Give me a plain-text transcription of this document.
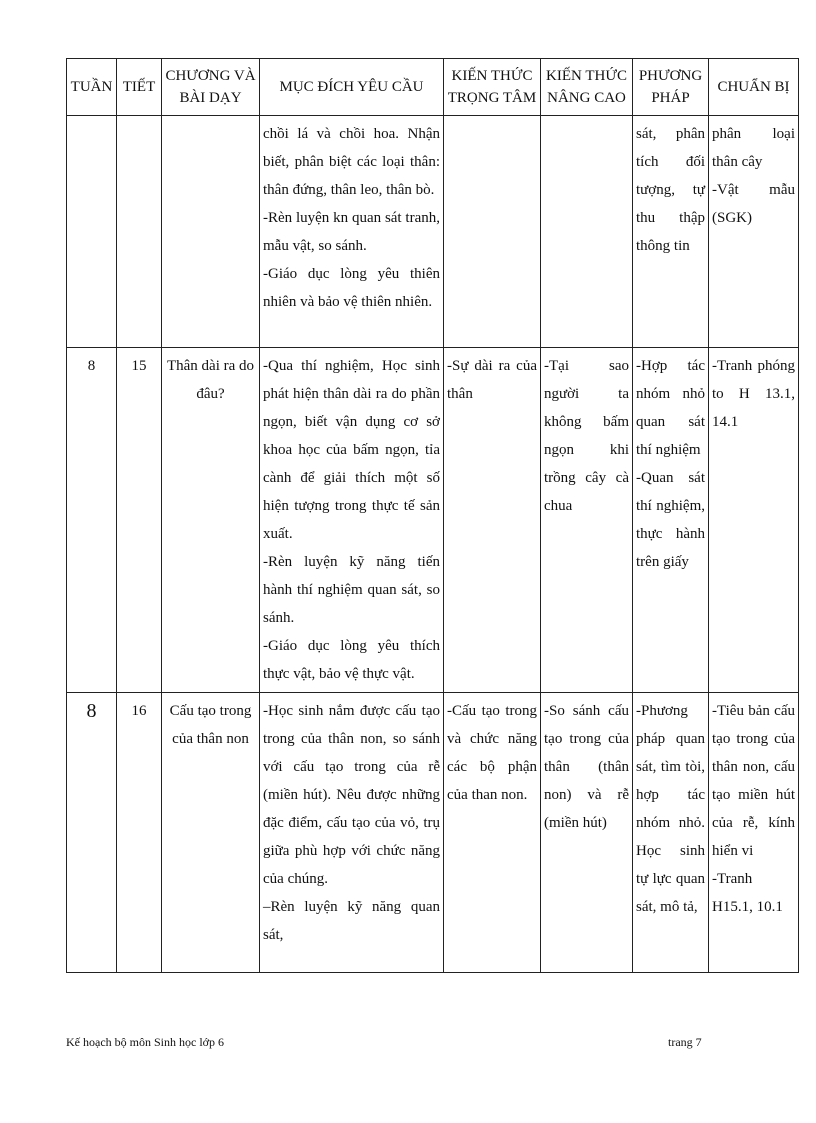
TUẦN	TIẾT	CHƯƠNG VÀ BÀI DẠY	MỤC ĐÍCH YÊU CẦU	KIẾN THỨC TRỌNG TÂM	KIẾN THỨC NÂNG CAO	PHƯƠNG PHÁP	CHUẨN BỊ

			chồi lá và chồi hoa. Nhận biết, phân biệt các loại thân: thân đứng, thân leo, thân bò.
-Rèn luyện kn quan sát tranh, mẫu vật, so sánh.
-Giáo dục lòng yêu thiên nhiên và bảo vệ thiên nhiên.			sát, phân tích đối tượng, tự thu thập thông tin	phân loại thân cây
-Vật mẫu (SGK)

8	15	Thân dài ra do đâu?	-Qua thí nghiệm, Học sinh phát hiện thân dài ra do phần ngọn, biết vận dụng cơ sở khoa học của bấm ngọn, tỉa cành để giải thích một số hiện tượng trong thực tế sản xuất.
-Rèn luyện kỹ năng tiến hành thí nghiệm quan sát, so sánh.
-Giáo dục lòng yêu thích thực vật, bảo vệ thực vật.	-Sự dài ra của thân	-Tại sao người ta không bấm ngọn khi trồng cây cà chua	-Hợp tác nhóm nhỏ quan sát thí nghiệm
-Quan sát thí nghiệm, thực hành trên giấy	-Tranh phóng to H 13.1, 14.1

8	16	Cấu tạo trong của thân non	-Học sinh nắm được cấu tạo trong của thân non, so sánh với cấu tạo trong của rễ (miền hút). Nêu được những đặc điểm, cấu tạo của vỏ, trụ giữa phù hợp với chức năng của chúng.
–Rèn luyện kỹ năng quan sát,	-Cấu tạo trong và chức năng các bộ phận của than non.	-So sánh cấu tạo trong của thân (thân non) và rễ (miền hút)	-Phương pháp quan sát, tìm tòi, hợp tác nhóm nhỏ. Học sinh tự lực quan sát, mô tả,	-Tiêu bản cấu tạo trong của thân non, cấu tạo miền hút của rễ, kính hiển vi
-Tranh H15.1, 10.1
Kế hoạch bộ môn Sinh học lớp 6	trang 7
